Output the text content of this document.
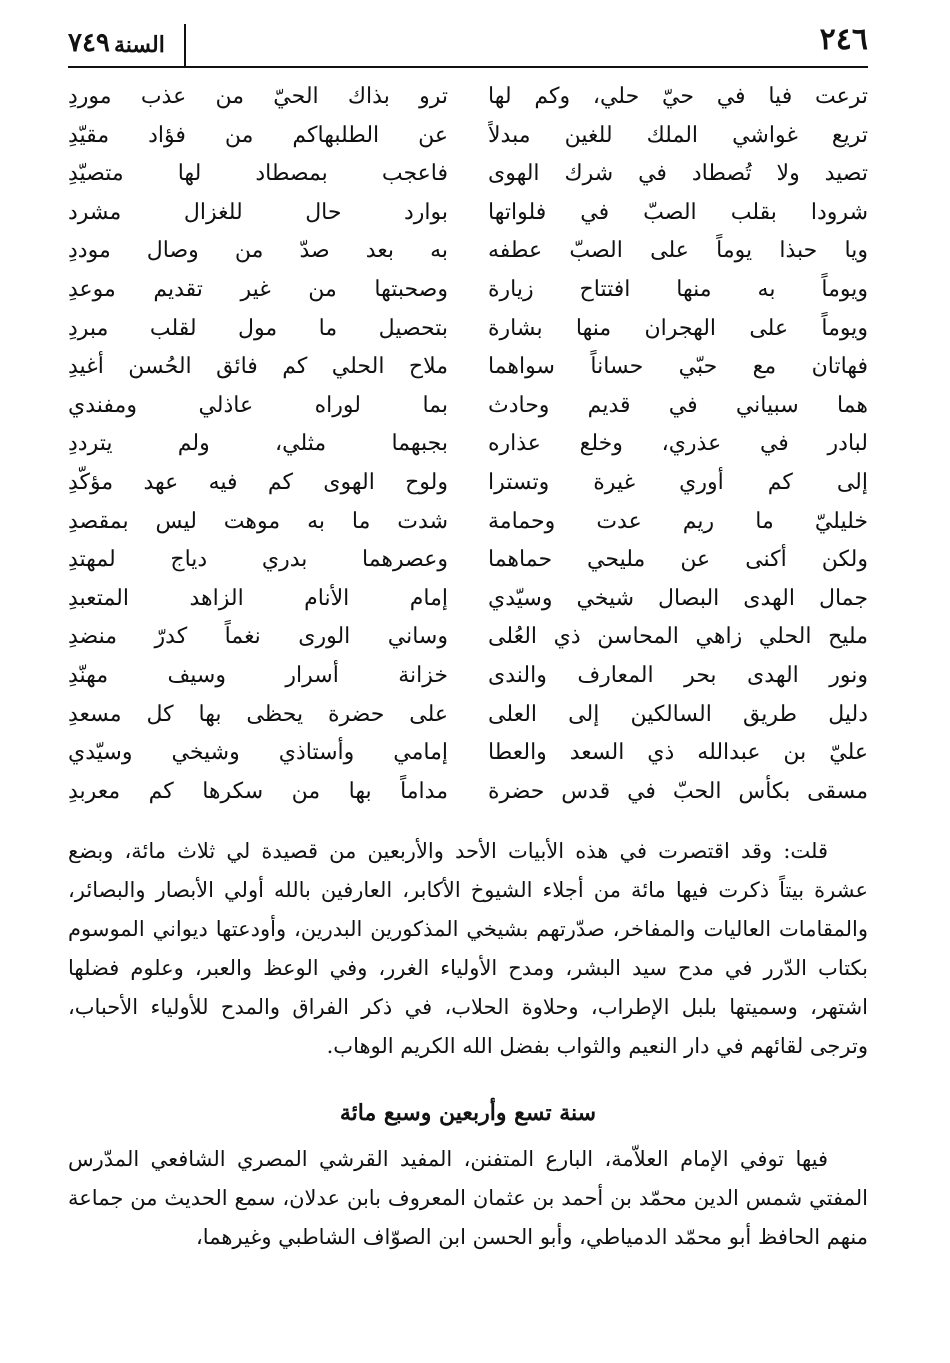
٢٤٦
السنة
٧٤٩
ترعت فيا في حيّ حلي، وكم لها
ترو بذاك الحيّ من عذب موردِ
تريع غواشي الملك للغين مبدلاً
عن الطلبهاكم من فؤاد مقيّدِ
تصيد ولا تُصطاد في شرك الهوى
فاعجب بمصطاد لها متصيّدِ
شرودا بقلب الصبّ في فلواتها
بوارد حال للغزال مشرد
ويا حبذا يوماً على الصبّ عطفه
به بعد صدّ من وصال موددِ
ويوماً به منها افتتاح زيارة
وصحبتها من غير تقديم موعدِ
ويوماً على الهجران منها بشارة
بتحصيل ما مول لقلب مبردِ
فهاتان مع حبّي حساناً سواهما
ملاح الحلي كم فائق الحُسن أغيدِ
هما سبياني في قديم وحادث
بما لوراه عاذلي ومفندي
لبادر في عذري، وخلع عذاره
بجبهما مثلي، ولم يترددِ
إلى كم أوري غيرة وتسترا
ولوح الهوى كم فيه عهد مؤكّدِ
خليليّ ما ريم عدت وحمامة
شدت ما به موهت ليس بمقصدِ
ولكن أكنى عن مليحي حماهما
وعصرهما بدري دياج لمهتدِ
جمال الهدى البصال شيخي وسيّدي
إمام الأنام الزاهد المتعبدِ
مليح الحلي زاهي المحاسن ذي العُلى
وساني الورى نغماً كدرّ منضدِ
ونور الهدى بحر المعارف والندى
خزانة أسرار وسيف مهنّدِ
دليل طريق السالكين إلى العلى
على حضرة يحظى بها كل مسعدِ
عليّ بن عبدالله ذي السعد والعطا
إمامي وأستاذي وشيخي وسيّدي
مسقى بكأس الحبّ في قدس حضرة
مداماً بها من سكرها كم معربدِ

قلت: وقد اقتصرت في هذه الأبيات الأحد والأربعين من قصيدة لي ثلاث مائة، وبضع عشرة بيتاً ذكرت فيها مائة من أجلاء الشيوخ الأكابر، العارفين بالله أولي الأبصار والبصائر، والمقامات العاليات والمفاخر، صدّرتهم بشيخي المذكورين البدرين، وأودعتها ديواني الموسوم بكتاب الدّرر في مدح سيد البشر، ومدح الأولياء الغرر، وفي الوعظ والعبر، وعلوم فضلها اشتهر، وسميتها بلبل الإطراب، وحلاوة الحلاب، في ذكر الفراق والمدح للأولياء الأحباب، وترجى لقائهم في دار النعيم والثواب بفضل الله الكريم الوهاب.

سنة تسع وأربعين وسبع مائة

فيها توفي الإمام العلاّمة، البارع المتفنن، المفيد القرشي المصري الشافعي المدّرس المفتي شمس الدين محمّد بن أحمد بن عثمان المعروف بابن عدلان، سمع الحديث من جماعة منهم الحافظ أبو محمّد الدمياطي، وأبو الحسن ابن الصوّاف الشاطبي وغيرهما،
